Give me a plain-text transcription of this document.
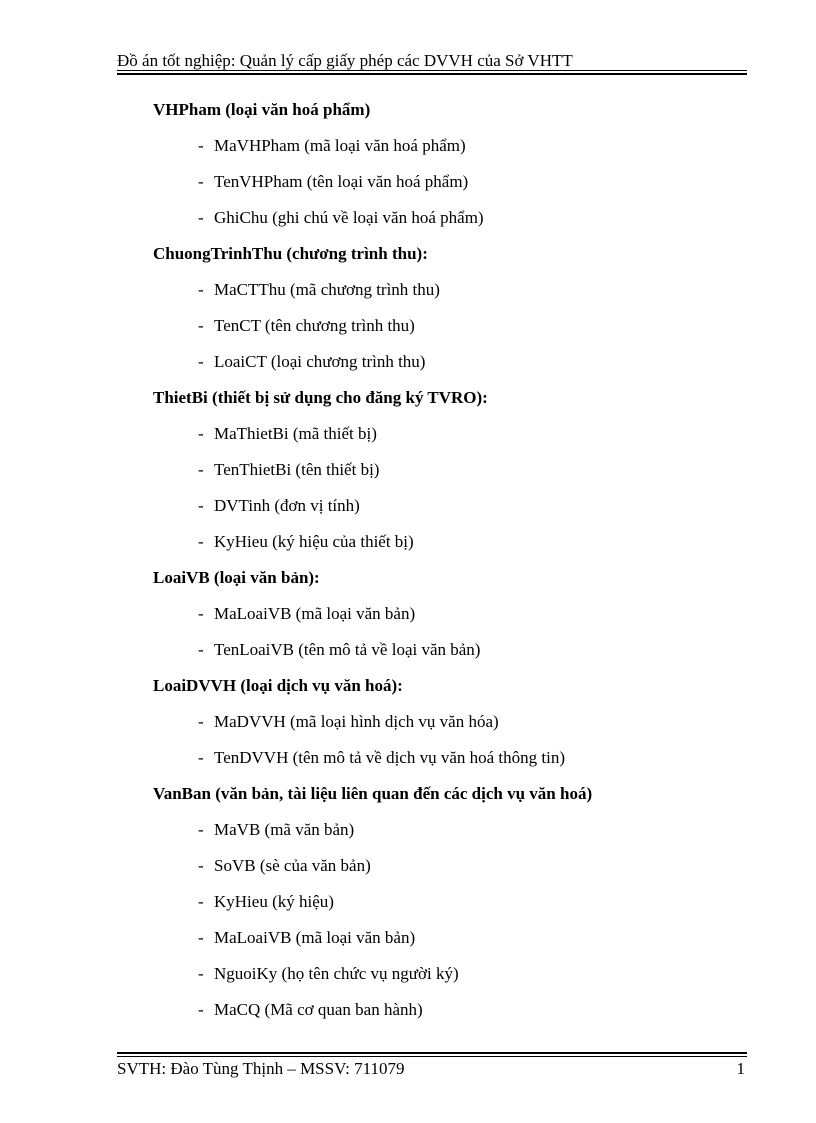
Đồ án tốt nghiệp: Quản lý cấp giấy phép các DVVH của Sở VHTT
VHPham (loại văn hoá phẩm)
- MaVHPham (mã loại văn hoá phẩm)
- TenVHPham (tên loại văn hoá phẩm)
- GhiChu (ghi chú về loại văn hoá phẩm)
ChuongTrinhThu (chương trình thu):
- MaCTThu (mã chương trình thu)
- TenCT (tên chương trình thu)
- LoaiCT (loại chương trình thu)
ThietBi (thiết bị sử dụng cho đăng ký TVRO):
- MaThietBi (mã thiết bị)
- TenThietBi (tên thiết bị)
- DVTinh (đơn vị tính)
- KyHieu (ký hiệu của thiết bị)
LoaiVB (loại văn bản):
- MaLoaiVB (mã loại văn bản)
- TenLoaiVB (tên mô tả về loại văn bản)
LoaiDVVH (loại dịch vụ văn hoá):
- MaDVVH (mã loại hình dịch vụ văn hóa)
- TenDVVH (tên mô tả về dịch vụ văn hoá thông tin)
VanBan (văn bản, tài liệu liên quan đến các dịch vụ văn hoá)
- MaVB (mã văn bản)
- SoVB (sè của văn bản)
- KyHieu (ký hiệu)
- MaLoaiVB (mã loại văn bản)
- NguoiKy (họ tên chức vụ người ký)
- MaCQ (Mã cơ quan ban hành)
SVTH: Đào Tùng Thịnh – MSSV: 711079	1
